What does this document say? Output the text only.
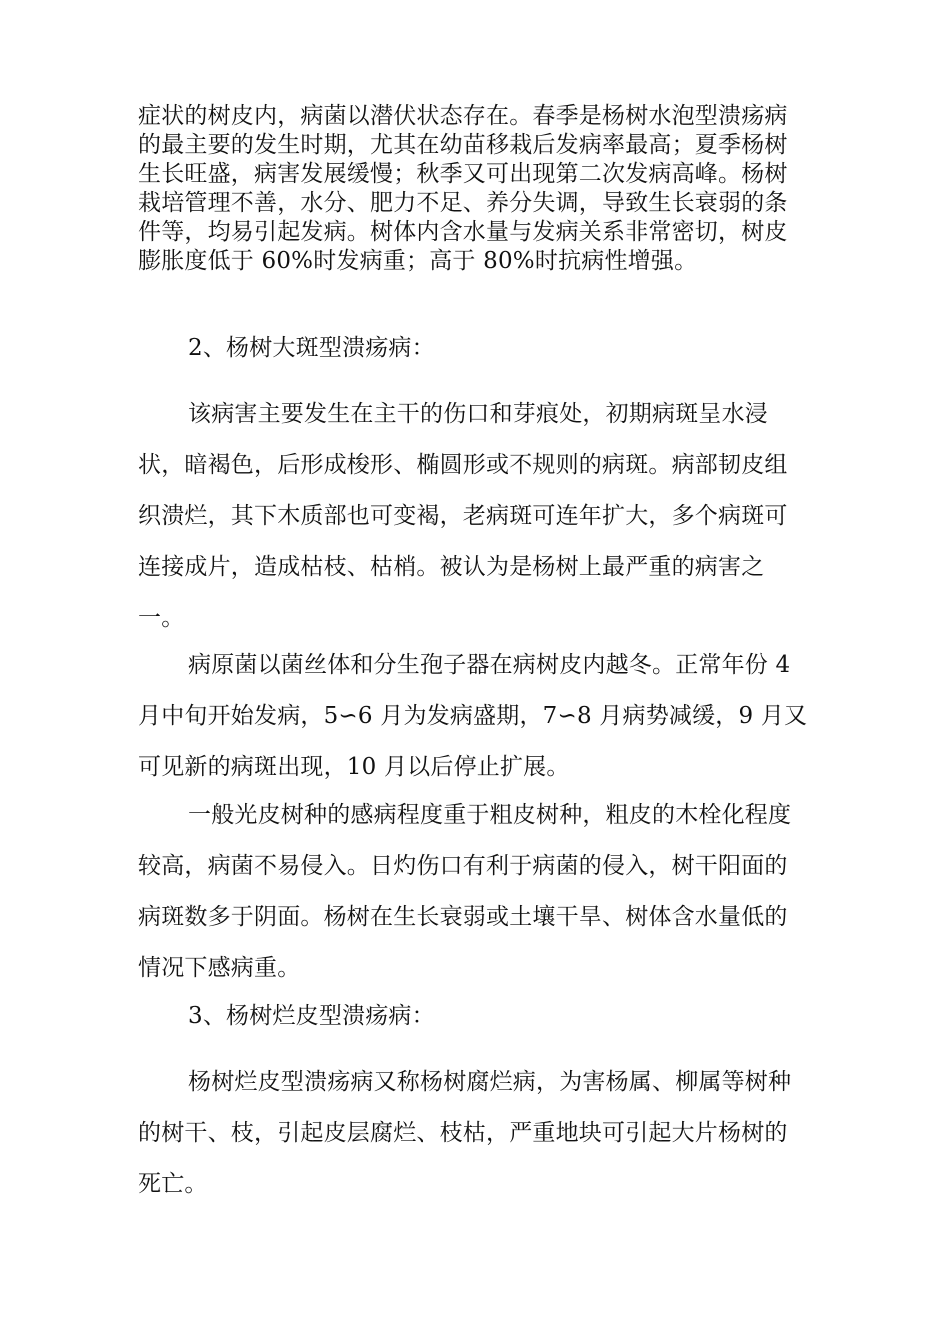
症状的树皮内，病菌以潜伏状态存在。春季是杨树水泡型溃疡病的最主要的发生时期，尤其在幼苗移栽后发病率最高；夏季杨树生长旺盛，病害发展缓慢；秋季又可出现第二次发病高峰。杨树栽培管理不善，水分、肥力不足、养分失调，导致生长衰弱的条件等，均易引起发病。树体内含水量与发病关系非常密切，树皮膨胀度低于 60%时发病重；高于 80%时抗病性增强。

2、杨树大斑型溃疡病：

该病害主要发生在主干的伤口和芽痕处，初期病斑呈水浸状，暗褐色，后形成梭形、椭圆形或不规则的病斑。病部韧皮组织溃烂，其下木质部也可变褐，老病斑可连年扩大，多个病斑可连接成片，造成枯枝、枯梢。被认为是杨树上最严重的病害之一。

病原菌以菌丝体和分生孢子器在病树皮内越冬。正常年份 4 月中旬开始发病，5∽6 月为发病盛期，7∽8 月病势减缓，9 月又可见新的病斑出现，10 月以后停止扩展。

一般光皮树种的感病程度重于粗皮树种，粗皮的木栓化程度较高，病菌不易侵入。日灼伤口有利于病菌的侵入，树干阳面的病斑数多于阴面。杨树在生长衰弱或土壤干旱、树体含水量低的情况下感病重。

3、杨树烂皮型溃疡病：

杨树烂皮型溃疡病又称杨树腐烂病，为害杨属、柳属等树种的树干、枝，引起皮层腐烂、枝枯，严重地块可引起大片杨树的死亡。
